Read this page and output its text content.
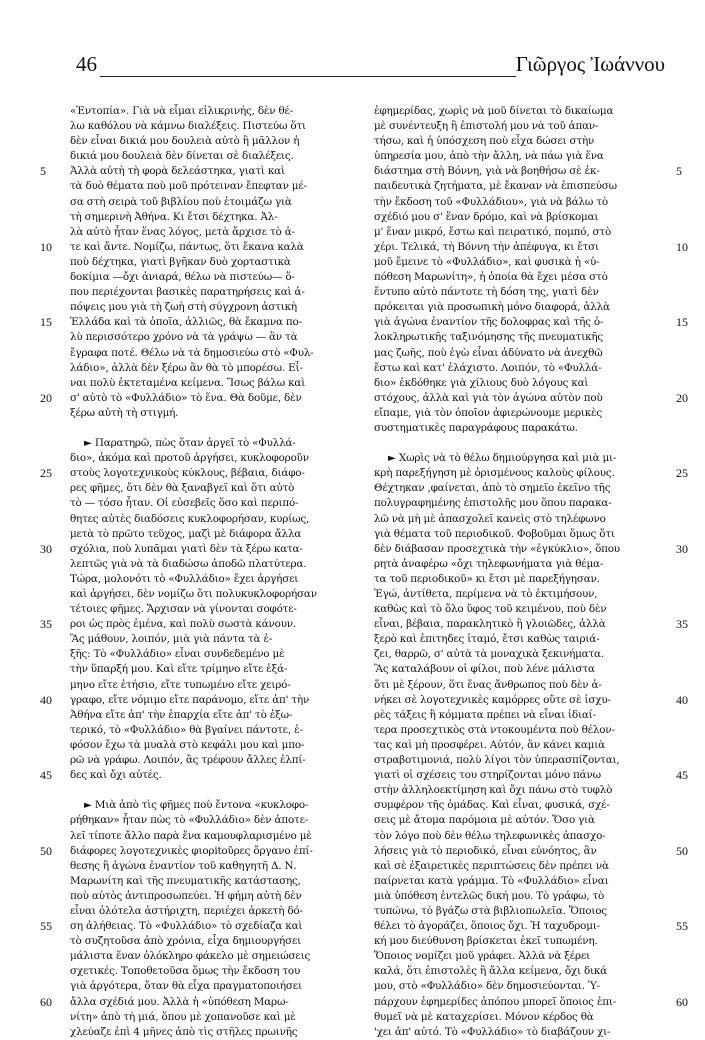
46	Γιῶργος Ἰωάννου
«Ἐντοπία». Γιὰ νὰ εἶμαι εἰλικρινής, δὲν θέ-
λω καθόλου νὰ κάμνω διαλέξεις. Πιστεύω ὅτι
δὲν εἶναι δικιά μου δουλειὰ αὐτὸ ἢ μᾶλλον ἡ
δικιά μου δουλειὰ δὲν δίνεται σὲ διαλέξεις.
Ἀλλὰ αὐτὴ τὴ φορὰ δελεάστηκα, γιατὶ καὶ
τὰ δυὸ θέματα ποὺ μοῦ πρότειναν ἔπεφταν μέ-
σα στὴ σειρὰ τοῦ βιβλίου ποὺ ἑτοιμάζω γιὰ
τὴ σημερινὴ Ἀθήνα. Κι ἔτσι δέχτηκα. Ἀλ-
λὰ αὐτὸ ἦταν ἕνας λόγος, μετὰ ἄρχισε τὸ ἀ-
τε καὶ ἄντε. Νομίζω, πάντως, ὅτι ἔκανα καλὰ
ποὺ δέχτηκα, γιατὶ βγῆκαν δυὸ χορταστικὰ
δοκίμια —ὄχι ἀνιαρά, θέλω νὰ πιστεύω— ὅ-
που περιέχονται βασικὲς παρατηρήσεις καὶ ἀ-
πόψεις μου γιὰ τὴ ζωὴ στὴ σύγχρονη ἀστικὴ
Ἑλλάδα καὶ τὰ ὁποῖα, ἀλλιῶς, θὰ ἔκαμνα πο-
λὺ περισσότερο χρόνο νὰ τὰ γράψω — ἂν τὰ
ἔγραφα ποτέ. Θέλω νὰ τὰ δημοσιεύω στὸ «Φυλ-
λάδιο», ἀλλὰ δὲν ξέρω ἂν θὰ τὸ μπορέσω. Εἶ-
ναι πολὺ ἐκτεταμένα κείμενα. Ἴσως βάλω καὶ
σ' αὐτὸ τὸ «Φυλλάδιο» τὸ ἕνα. Θὰ δοῦμε, δὲν
ξέρω αὐτὴ τὴ στιγμή.
► Παρατηρῶ, πὼς ὅταν ἀργεῖ τὸ «Φυλλά-
διο», ἀκόμα καὶ προτοῦ ἀργήσει, κυκλοφοροῦν
στοὺς λογοτεχνικοὺς κύκλους, βέβαια, διάφο-
ρες φῆμες, ὅτι δὲν θὰ ξαναβγεῖ καὶ ὅτι αὐτὸ
τὸ — τόσο ἦταν. Οἱ εὐσεβεῖς ὅσο καὶ περιπό-
θητες αὐτὲς διαδόσεις κυκλοφορήσαν, κυρίως,
μετὰ τὸ πρῶτο τεῦχος, μαζὶ μὲ διάφορα ἄλλα
σχόλια, ποὺ λυπᾶμαι γιατὶ δὲν τὰ ξέρω κατα-
λεπτῶς γιὰ νὰ τὰ διαδώσω ἀποδῶ πλατύτερα.
Τώρα, μολονότι τὸ «Φυλλάδιο» ἔχει ἀργήσει
καὶ ἀργήσει, δὲν νομίζω ὅτι πολυκυκλοφορήσαν
τέτοιες φῆμες. Ἄρχισαν νὰ γίνονται σοφότε-
ροι ὡς πρὸς ἐμένα, καὶ πολὺ σωστὰ κάνουν.
Ἂς μάθουν, λοιπόν, μιὰ γιὰ πάντα τὰ ἑ-
ξῆς: Τὸ «Φυλλάδιο» εἶναι συνδεδεμένο μὲ
τὴν ὕπαρξή μου. Καὶ εἴτε τρίμηνο εἴτε ἑξά-
μηνο εἴτε ἐτήσιο, εἴτε τυπωμένο εἴτε χειρό-
γραφο, εἴτε νόμιμο εἴτε παράνομο, εἴτε ἀπ' τὴν
Ἀθήνα εἴτε ἀπ' τὴν ἐπαρχία εἴτε ἀπ' τὸ ἐξω-
τερικό, τὸ «Φυλλάδιο» θὰ βγαίνει πάντοτε, ἐ-
φόσον ἔχω τὰ μυαλὰ στὸ κεφάλι μου καὶ μπο-
ρῶ νὰ γράφω. Λοιπόν, ἂς τρέφουν ἄλλες ἐλπί-
δες καὶ ὄχι αὐτές.
► Μιὰ ἀπὸ τὶς φῆμες ποὺ ἔντονα «κυκλοφο-
ρήθηκαν» ἦταν πὼς τὸ «Φυλλάδιο» δὲν ἀποτε-
λεῖ τίποτε ἄλλο παρὰ ἕνα καμουφλαρισμένο μὲ
διάφορες λογοτεχνικὲς φιορitοῦρες ὄργανο ἐπί-
θεσης ἢ ἀγώνα ἐναντίον τοῦ καθηγητῆ Δ. Ν.
Μαρωνίτη καὶ τῆς πνευματικῆς κατάστασης,
ποὺ αὐτὸς ἀντιπροσωπεύει. Ἡ φήμη αὐτὴ δὲν
εἶναι ὁλότελα ἀστήριχτη, περιέχει ἀρκετὴ δό-
ση ἀλήθειας. Τὸ «Φυλλάδιο» τὸ σχεδίαζα καὶ
τὸ συζητοῦσα ἀπὸ χρόνια, εἶχα δημιουργήσει
μάλιστα ἕναν ὁλόκληρο φάκελο μὲ σημειώσεις
σχετικές. Τοποθετοῦσα ὅμως τὴν ἔκδοση του
γιὰ ἀργότερα, ὅταν θὰ εἶχα πραγματοποιήσει
ἄλλα σχέδιά μου. Ἀλλὰ ἡ «ὑπόθεση Μαρω-
νίτη» ἀπὸ τὴ μιά, ὅπου μὲ χοπανοῦσε καὶ μὲ
χλεύαζε ἐπὶ 4 μῆνες ἀπὸ τὶς στῆλες πρωινῆς
ἐφημερίδας, χωρὶς νὰ μοῦ δίνεται τὸ δικαίωμα
μὲ συνέντευξη ἢ ἐπιστολή μου νὰ τοῦ ἀπαν-
τήσω, καὶ ἡ ὑπόσχεση ποὺ εἶχα δώσει στὴν
ὑπηρεσία μου, ἀπὸ τὴν ἄλλη, νὰ πάω γιὰ ἕνα
διάστημα στὴ Βόννη, γιὰ νὰ βοηθήσω σὲ ἐκ-
παιδευτικὰ ζητήματα, μὲ ἔκαναν νὰ ἐπισπεύσω
τὴν ἔκδοση τοῦ «Φυλλάδιου», γιὰ νὰ βάλω τὸ
σχέδιό μου σ' ἕναν δρόμο, καὶ νὰ βρίσκομαι
μ' ἕναν μικρό, ἔστω καὶ πειρατικό, πομπό, στὸ
χέρι. Τελικά, τὴ Βόννη τὴν ἀπέφυγα, κι ἔτσι
μοῦ ἔμεινε τὸ «Φυλλάδιο», καὶ φυσικὰ ἡ «ὑ-
πόθεση Μαρωνίτη», ἡ ὁποία θὰ ἔχει μέσα στὸ
ἔντυπο αὐτὸ πάντοτε τὴ δόση της, γιατὶ δὲν
πρόκειται γιὰ προσωπικὴ μόνο διαφορά, ἀλλὰ
γιὰ ἀγώνα ἐναντίον τῆς δολοφρας καὶ τῆς ὁ-
λοκληρωτικῆς ταξινόμησης τῆς πνευματικῆς
μας ζωῆς, ποὺ ἐγὼ εἶναι ἀδύνατο νὰ ἀνεχθῶ
ἔστω καὶ κατ' ἐλάχιστο. Λοιπόν, τὸ «Φυλλά-
διο» ἐκδόθηκε γιὰ χίλιους δυὸ λόγους καὶ
στόχους, ἀλλὰ καὶ γιὰ τὸν ἀγώνα αὐτὸν ποὺ
εἴπαμε, γιὰ τὸν ὁποῖον ἀφιερώνουμε μερικὲς
συστηματικὲς παραγράφους παρακάτω.
► Χωρὶς νὰ τὸ θέλω δημιούργησα καὶ μιὰ μι-
κρὴ παρεξήγηση μὲ ὁρισμένους καλοὺς φίλους.
Θέχτηκαν ,φαίνεται, ἀπὸ τὸ σημεῖο ἐκεῖνο τῆς
πολυγραφημένης ἐπιστολῆς μου ὅπου παρακα-
λῶ νὰ μὴ μὲ ἀπασχολεῖ κανεὶς στὸ τηλέφωνο
γιὰ θέματα τοῦ περιοδικοῦ. Φοβοῦμαι ὅμως ὅτι
δὲν διάβασαν προσεχτικὰ τὴν «ἐγκύκλιο», ὅπου
ρητὰ ἀναφέρω «ὄχι τηλεφωνήματα γιὰ θέμα-
τα τοῦ περιοδικοῦ» κι ἔτσι μὲ παρεξήγησαν.
Ἐγώ, ἀντίθετα, περίμενα νὰ τὸ ἐκτιμήσουν,
καθὼς καὶ τὸ ὅλο ὕφος τοῦ κειμένου, ποὺ δὲν
εἶναι, βέβαια, παρακλητικὸ ἢ γλοιῶδες, ἀλλὰ
ξερὸ καὶ ἐπιτηδες ἰταμό, ἔτσι καθὼς ταιριά-
ζει, θαρρῶ, σ' αὐτὰ τὰ μοναχικὰ ξεκινήματα.
Ἂς καταλάβουν οἱ φίλοι, ποὺ λένε μάλιστα
ὅτι μὲ ξέρουν, ὅτι ἕνας ἄνθρωπος ποὺ δὲν ἀ-
νήκει σὲ λογοτεχνικὲς καμόρρες οὔτε σὲ ἰσχυ-
ρὲς τάξεις ἢ κόμματα πρέπει νὰ εἶναι ἰδιαί-
τερα προσεχτικὸς στὰ ντοκουμέντα ποὺ θέλον-
τας καὶ μὴ προσφέρει. Αὐτόν, ἂν κάνει καμιὰ
στραβοτιμονιά, πολὺ λίγοι τὸν ὑπερασπίζονται,
γιατὶ οἱ σχέσεις του στηρίζονται μόνο πάνω
στὴν ἀλληλοεκτίμηση καὶ ὄχι πάνω στὸ τυφλὸ
συμφέρον τῆς ὁμάδας. Καὶ εἶναι, φυσικά, σχέ-
σεις μὲ ἄτομα παρόμοια μὲ αὐτόν. Ὅσο γιὰ
τὸν λόγο ποὺ δὲν θέλω τηλεφωνικὲς ἀπασχο-
λήσεις γιὰ τὸ περιοδικό, εἶναι εὐνόητος, ἂν
καὶ σὲ ἐξαιρετικὲς περιπτώσεις δὲν πρέπει νὰ
παίρνεται κατὰ γράμμα. Τὸ «Φυλλάδιο» εἶναι
μιὰ ὑπόθεση ἐντελῶς δική μου. Τὸ γράφω, τὸ
τυπώνω, τὸ βγάζω στὰ βιβλιοπωλεῖα. Ὅποιος
θέλει τὸ ἀγοράζει, ὅποιος ὄχι. Ἡ ταχυδρομι-
κή μου διεύθυνση βρίσκεται ἐκεῖ τυπωμένη.
Ὅποιος νομίζει μοῦ γράφει. Ἀλλὰ νὰ ξέρει
καλά, ὅτι ἐπιστολὲς ἢ ἄλλα κείμενα, ὄχι δικά
μου, στὸ «Φυλλάδιο» δὲν δημοσιεύονται. Ὑ-
πάρχουν ἐφημερίδες ἀπόπου μπορεῖ ὅποιος ἐπι-
θυμεῖ νὰ μὲ καταχερίσει. Μόνον κέρδος θὰ
'χει ἀπ' αὐτό. Τὸ «Φυλλάδιο» τὸ διαβάζουν χι-
5	5
10	10
15	15
20	20
25	25
30	30
35	35
40	40
45	45
50	50
55	55
60	60
